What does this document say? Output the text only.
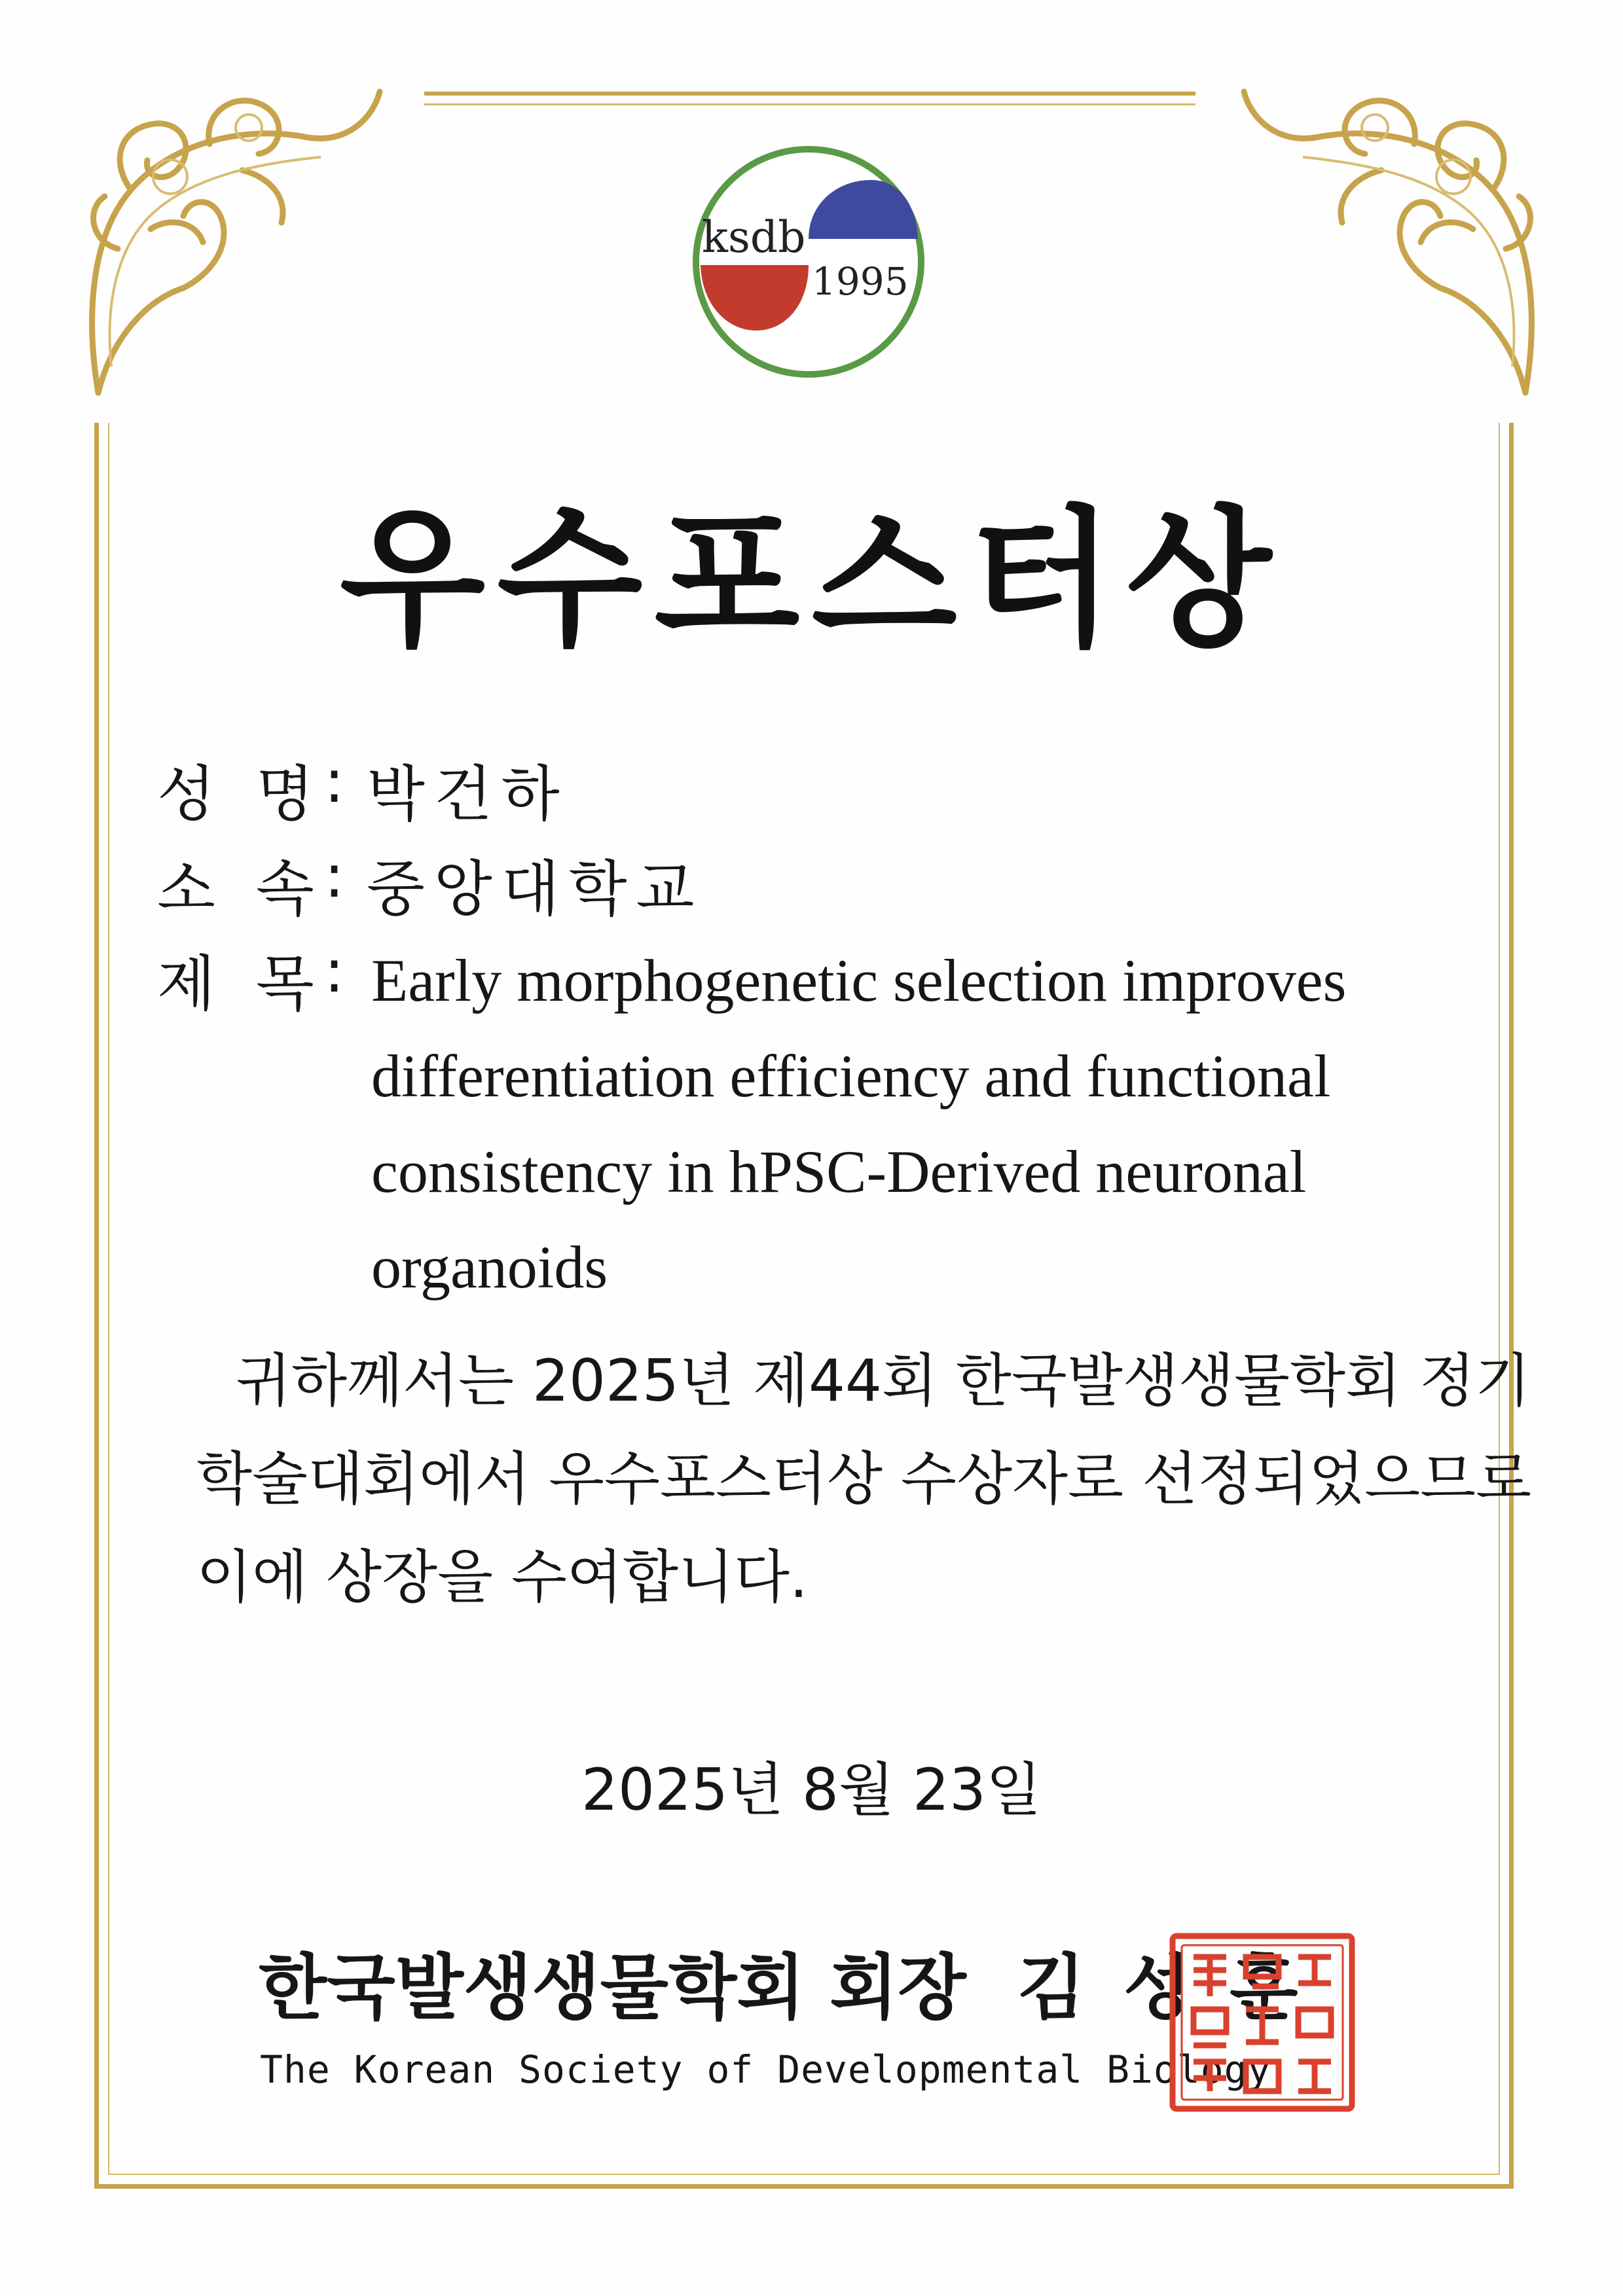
ksdb
1995
우수포스터상
성 명 : 박건하
소 속 : 중앙대학교
제 목 : Early morphogenetic selection improves
differentiation efficiency and functional
consistency in hPSC-Derived neuronal
organoids
귀하께서는 2025년 제44회 한국발생생물학회 정기
학술대회에서 우수포스터상 수상자로 선정되었으므로
이에 상장을 수여합니다.
2025년 8월 23일
한국발생생물학회 회장 김성훈
The Korean Society of Developmental Biology
